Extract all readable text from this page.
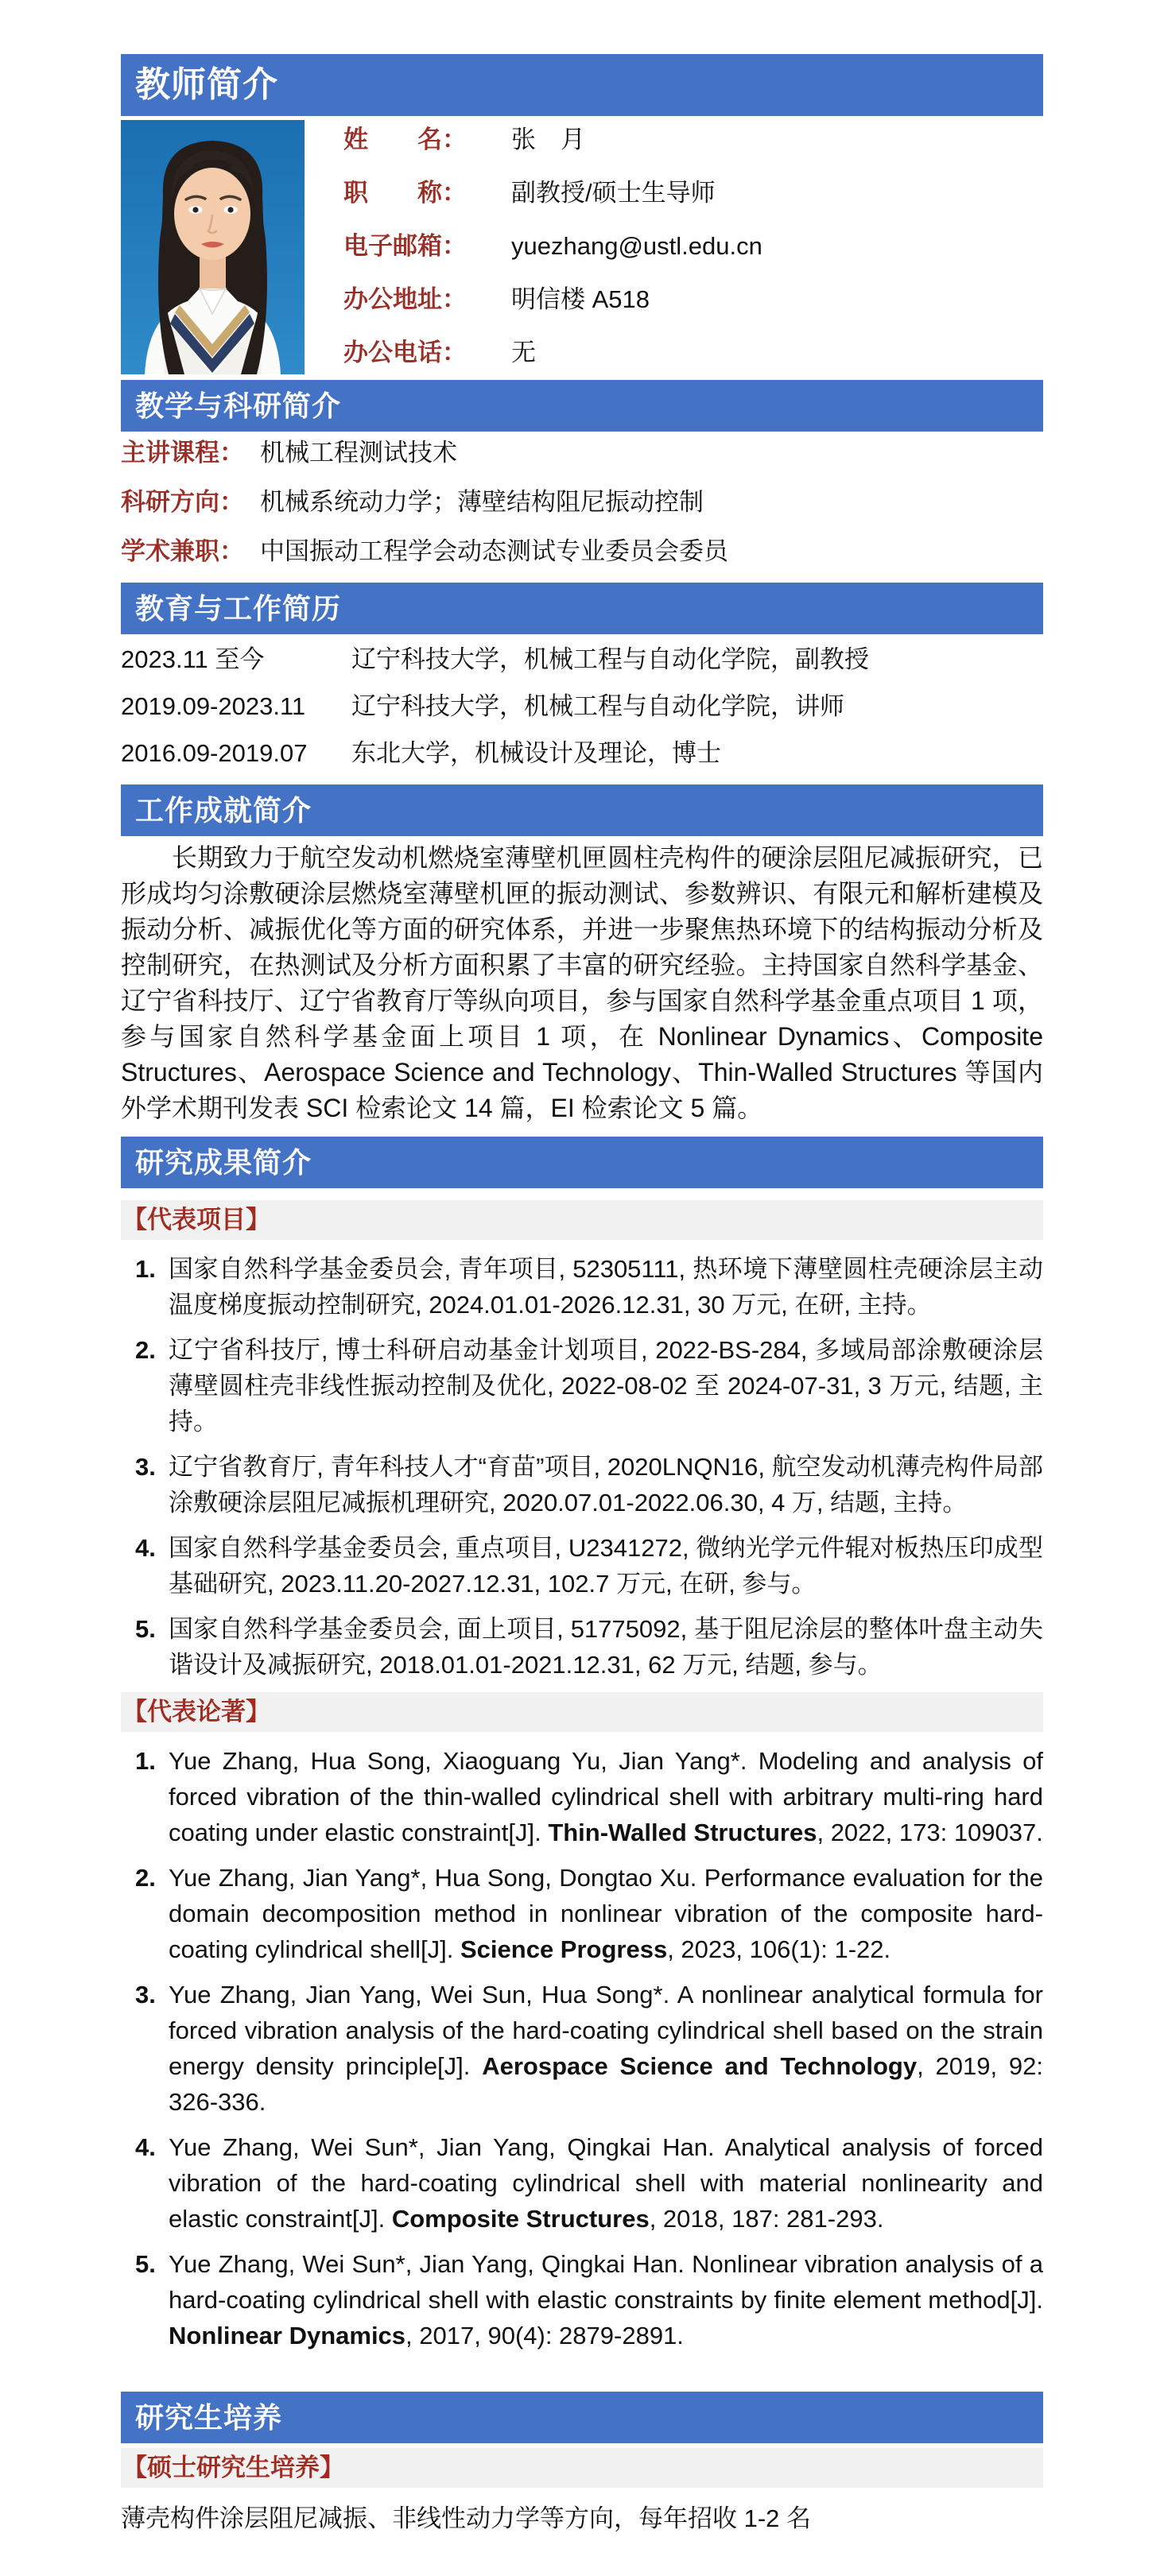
教师简介
姓　　名： 张　月
职　　称： 副教授/硕士生导师
电子邮箱： yuezhang@ustl.edu.cn
办公地址： 明信楼 A518
办公电话： 无
教学与科研简介
主讲课程： 机械工程测试技术
科研方向： 机械系统动力学；薄壁结构阻尼振动控制
学术兼职： 中国振动工程学会动态测试专业委员会委员
教育与工作简历
2023.11 至今	辽宁科技大学，机械工程与自动化学院，副教授
2019.09-2023.11	辽宁科技大学，机械工程与自动化学院，讲师
2016.09-2019.07	东北大学，机械设计及理论，博士
工作成就简介

长期致力于航空发动机燃烧室薄壁机匣圆柱壳构件的硬涂层阻尼减振研究，已形成均匀涂敷硬涂层燃烧室薄壁机匣的振动测试、参数辨识、有限元和解析建模及振动分析、减振优化等方面的研究体系，并进一步聚焦热环境下的结构振动分析及控制研究，在热测试及分析方面积累了丰富的研究经验。主持国家自然科学基金、辽宁省科技厅、辽宁省教育厅等纵向项目，参与国家自然科学基金重点项目 1 项，参与国家自然科学基金面上项目 1 项，在 Nonlinear Dynamics、Composite Structures、Aerospace Science and Technology、Thin-Walled Structures 等国内外学术期刊发表 SCI 检索论文 14 篇，EI 检索论文 5 篇。

研究成果简介
【代表项目】
1. 国家自然科学基金委员会, 青年项目, 52305111, 热环境下薄壁圆柱壳硬涂层主动温度梯度振动控制研究, 2024.01.01-2026.12.31, 30 万元, 在研, 主持。
2. 辽宁省科技厅, 博士科研启动基金计划项目, 2022-BS-284, 多域局部涂敷硬涂层薄壁圆柱壳非线性振动控制及优化, 2022-08-02 至 2024-07-31, 3 万元, 结题, 主持。
3. 辽宁省教育厅, 青年科技人才“育苗”项目, 2020LNQN16, 航空发动机薄壳构件局部涂敷硬涂层阻尼减振机理研究, 2020.07.01-2022.06.30, 4 万, 结题, 主持。
4. 国家自然科学基金委员会, 重点项目, U2341272, 微纳光学元件辊对板热压印成型基础研究, 2023.11.20-2027.12.31, 102.7 万元, 在研, 参与。
5. 国家自然科学基金委员会, 面上项目, 51775092, 基于阻尼涂层的整体叶盘主动失谐设计及减振研究, 2018.01.01-2021.12.31, 62 万元, 结题, 参与。
【代表论著】
1. Yue Zhang, Hua Song, Xiaoguang Yu, Jian Yang*. Modeling and analysis of forced vibration of the thin-walled cylindrical shell with arbitrary multi-ring hard coating under elastic constraint[J]. Thin-Walled Structures, 2022, 173: 109037.
2. Yue Zhang, Jian Yang*, Hua Song, Dongtao Xu. Performance evaluation for the domain decomposition method in nonlinear vibration of the composite hard-coating cylindrical shell[J]. Science Progress, 2023, 106(1): 1-22.
3. Yue Zhang, Jian Yang, Wei Sun, Hua Song*. A nonlinear analytical formula for forced vibration analysis of the hard-coating cylindrical shell based on the strain energy density principle[J]. Aerospace Science and Technology, 2019, 92: 326-336.
4. Yue Zhang, Wei Sun*, Jian Yang, Qingkai Han. Analytical analysis of forced vibration of the hard-coating cylindrical shell with material nonlinearity and elastic constraint[J]. Composite Structures, 2018, 187: 281-293.
5. Yue Zhang, Wei Sun*, Jian Yang, Qingkai Han. Nonlinear vibration analysis of a hard-coating cylindrical shell with elastic constraints by finite element method[J]. Nonlinear Dynamics, 2017, 90(4): 2879-2891.
研究生培养
【硕士研究生培养】

薄壳构件涂层阻尼减振、非线性动力学等方向，每年招收 1-2 名
